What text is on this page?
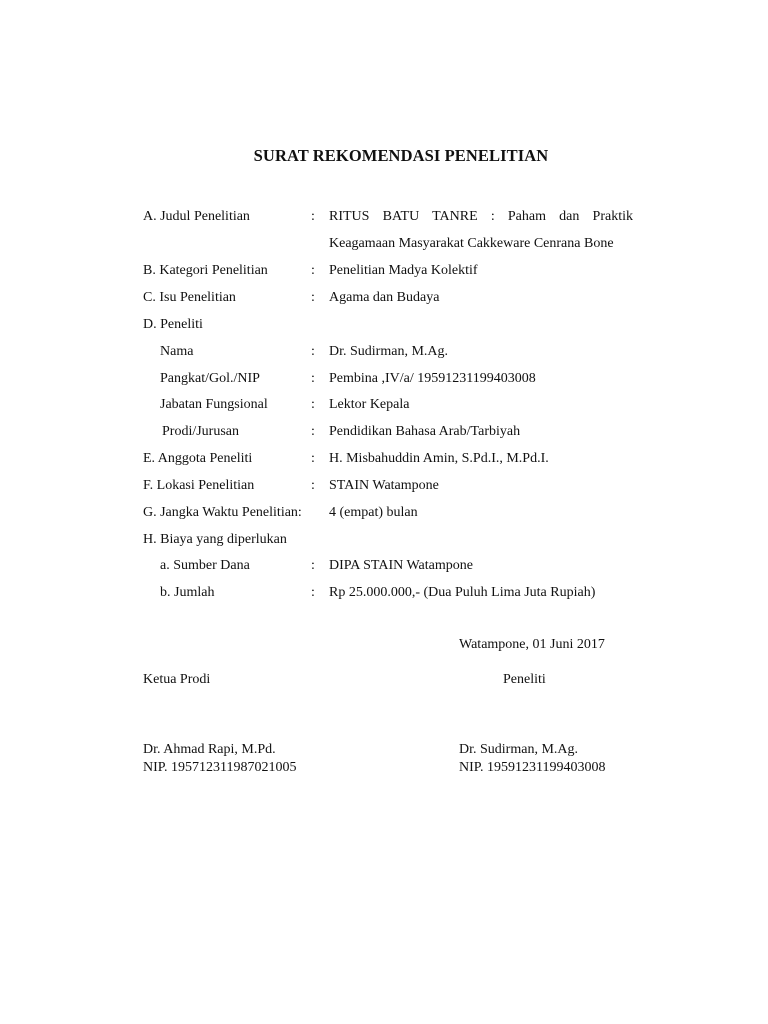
SURAT REKOMENDASI PENELITIAN
A. Judul Penelitian	: RITUS BATU TANRE : Paham dan Praktik
Keagamaan Masyarakat Cakkeware Cenrana Bone
B. Kategori Penelitian	: Penelitian Madya Kolektif
C. Isu Penelitian	: Agama dan Budaya
D. Peneliti
Nama	: Dr. Sudirman, M.Ag.
Pangkat/Gol./NIP	: Pembina ,IV/a/ 19591231199403008
Jabatan Fungsional	: Lektor Kepala
Prodi/Jurusan	: Pendidikan Bahasa Arab/Tarbiyah
E. Anggota Peneliti	: H. Misbahuddin Amin, S.Pd.I., M.Pd.I.
F. Lokasi Penelitian	: STAIN Watampone
G. Jangka Waktu Penelitian: 4 (empat) bulan
H. Biaya yang diperlukan
a. Sumber Dana	: DIPA STAIN Watampone
b. Jumlah	: Rp 25.000.000,- (Dua Puluh Lima Juta Rupiah)
Watampone, 01 Juni 2017
Ketua Prodi	Peneliti
Dr. Ahmad Rapi, M.Pd.
NIP. 195712311987021005
Dr. Sudirman, M.Ag.
NIP. 19591231199403008
